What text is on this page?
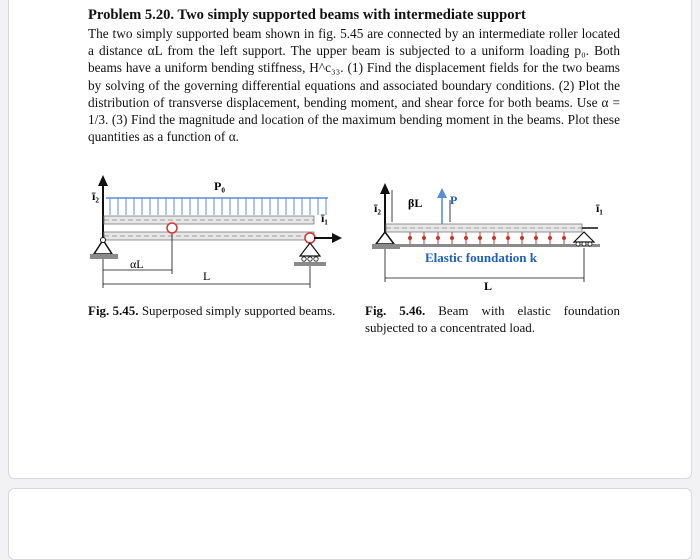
Problem 5.20. Two simply supported beams with intermediate support

The two simply supported beam shown in fig. 5.45 are connected by an intermediate roller located a distance αL from the left support. The upper beam is subjected to a uniform loading p₀. Both beams have a uniform bending stiffness, H^c₃₃. (1) Find the displacement fields for the two beams by solving of the governing differential equations and associated boundary conditions. (2) Plot the distribution of transverse displacement, bending moment, and shear force for both beams. Use α = 1/3. (3) Find the magnitude and location of the maximum bending moment in the beams. Plot these quantities as a function of α.

ī₂
P₀
ī₁
αL
L
ī₂ βL P
ī₁
Elastic foundation k
L
Fig. 5.45. Superposed simply supported beams.	Fig. 5.46. Beam with elastic foundation subjected to a concentrated load.
